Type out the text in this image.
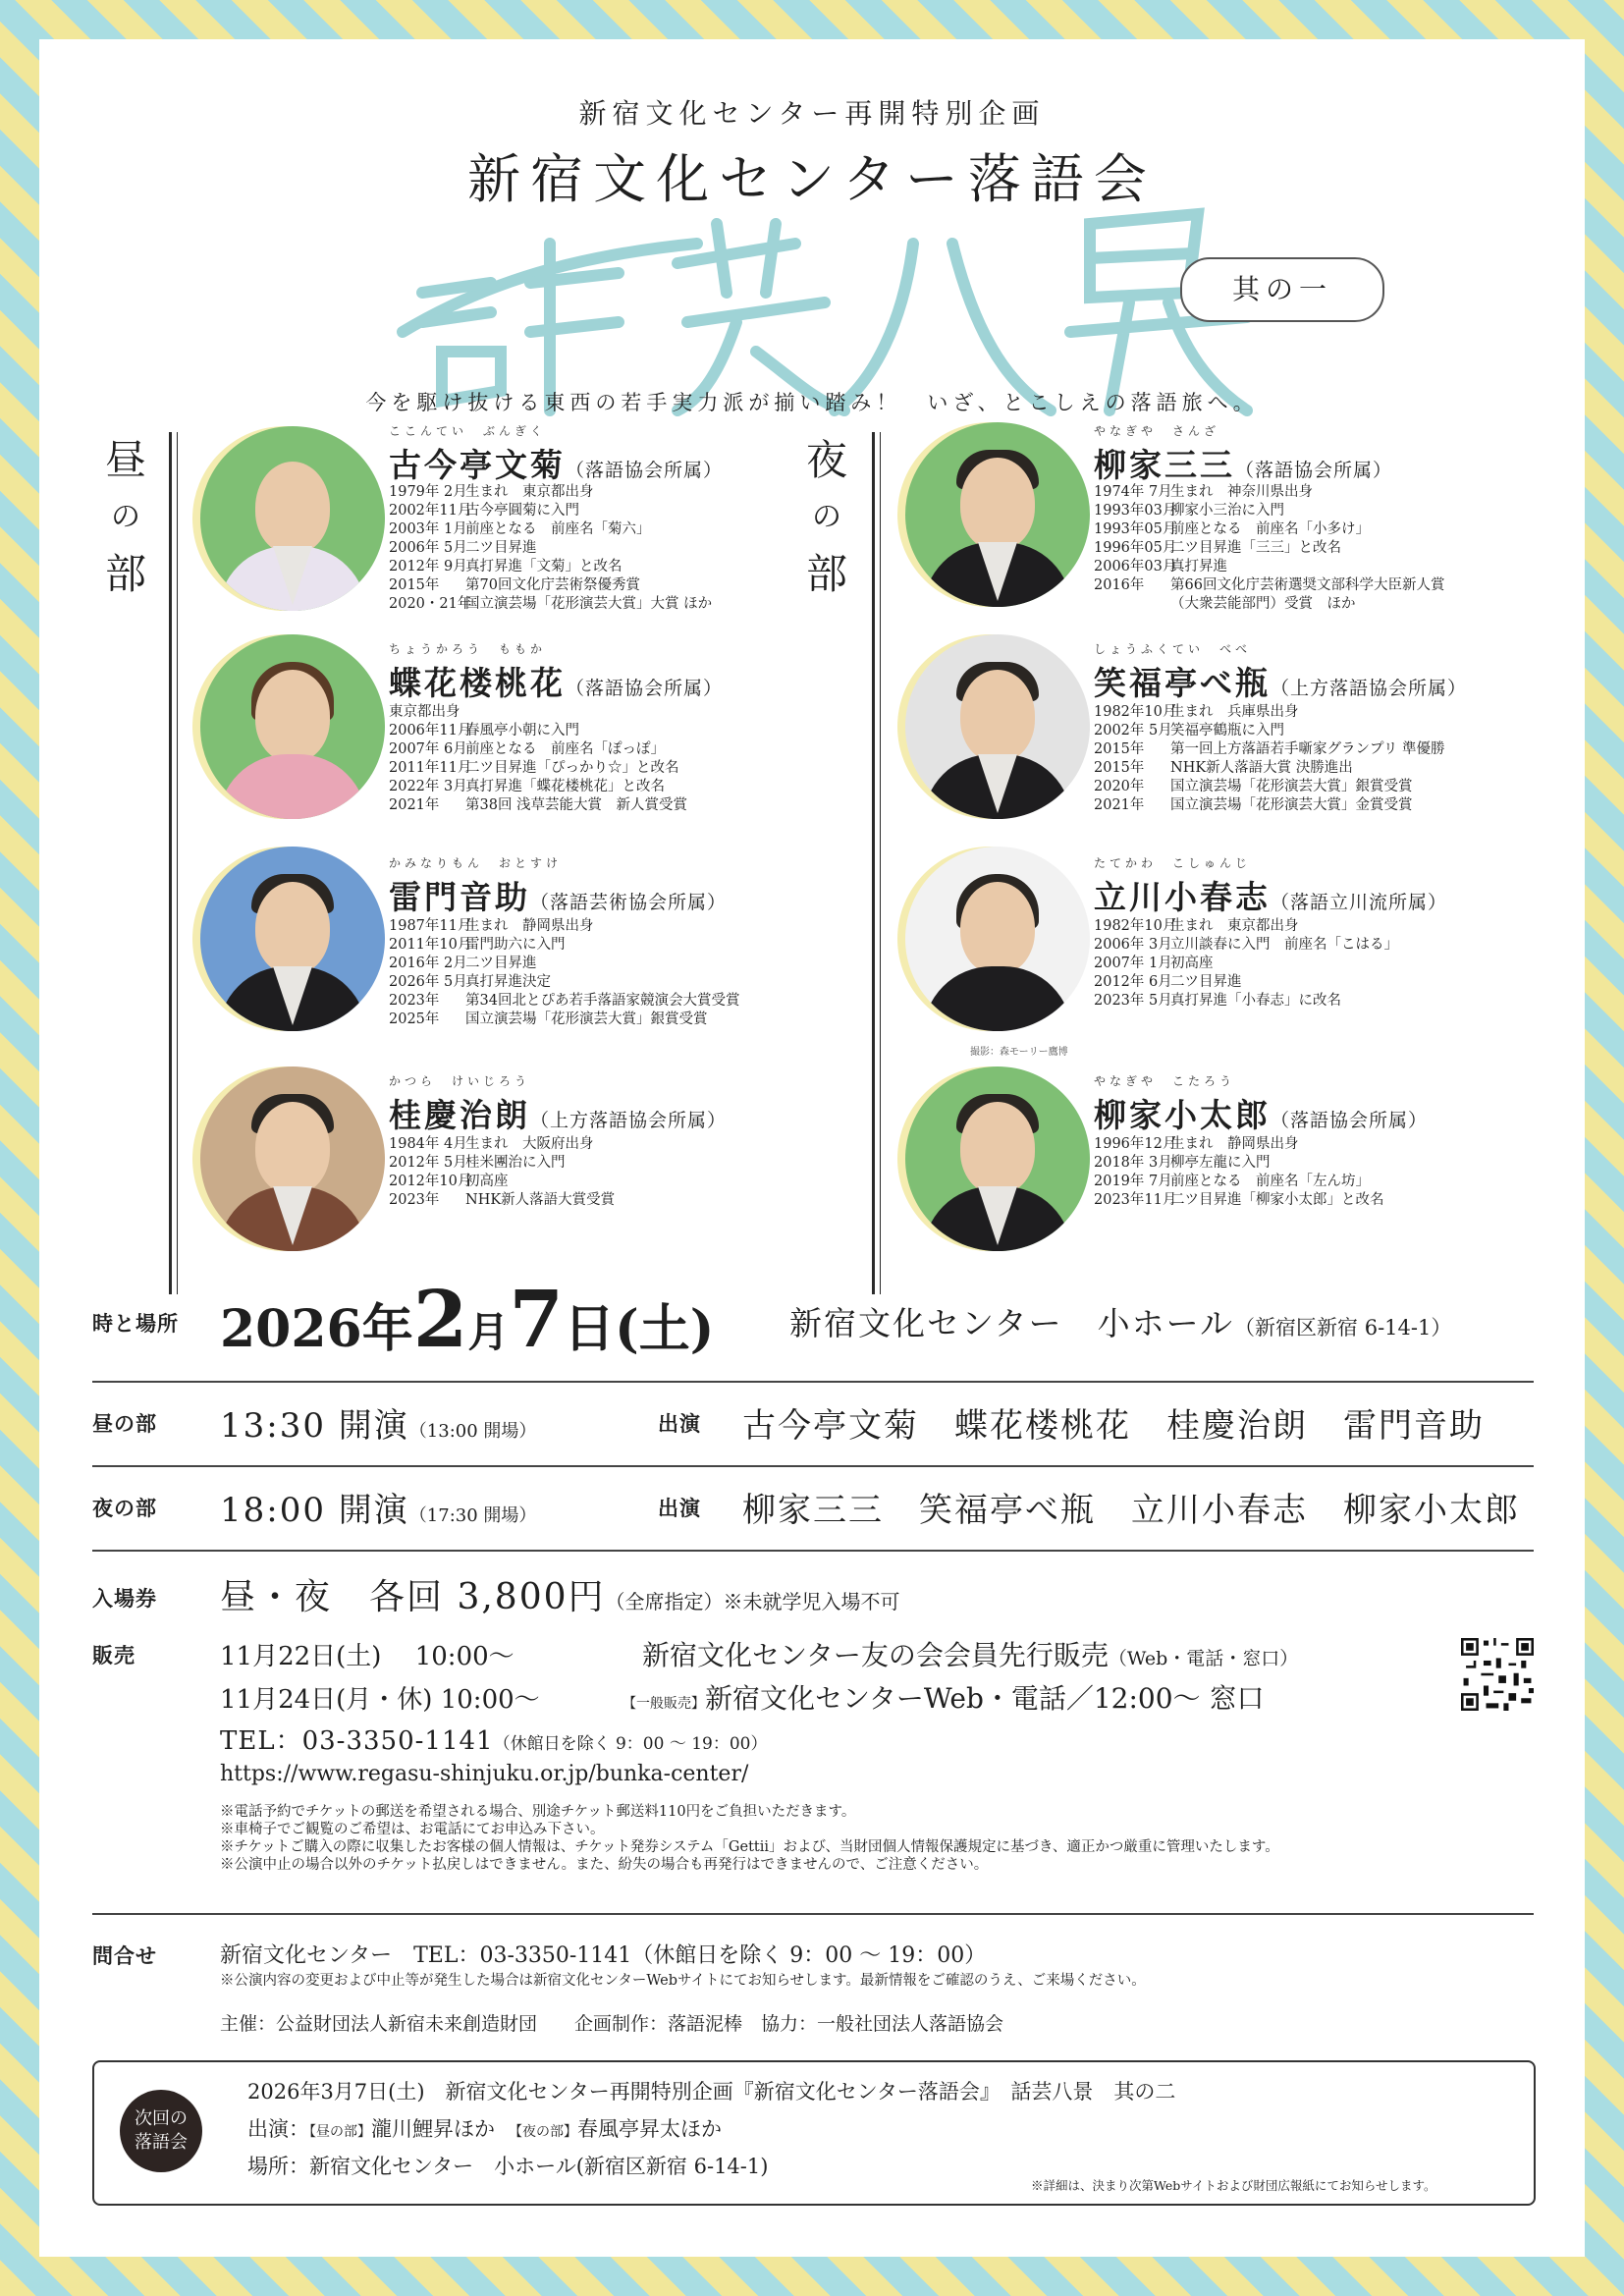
新宿文化センター再開特別企画
新宿文化センター落語会
其の一
今を駆け抜ける東西の若手実力派が揃い踏み！　いざ、とこしえの落語旅へ。
昼
の
部
夜
の
部
ここんてい　ぶんぎく
古今亭文菊（落語協会所属）
1979年 2月生まれ　東京都出身
2002年11月古今亭圓菊に入門
2003年 1月前座となる　前座名「菊六」
2006年 5月二ツ目昇進
2012年 9月真打昇進「文菊」と改名
2015年 第70回文化庁芸術祭優秀賞
2020・21年国立演芸場「花形演芸大賞」大賞 ほか
ちょうかろう　ももか
蝶花楼桃花（落語協会所属）
東京都出身
2006年11月春風亭小朝に入門
2007年 6月前座となる　前座名「ぽっぽ」
2011年11月二ツ目昇進「ぴっかり☆」と改名
2022年 3月真打昇進「蝶花楼桃花」と改名
2021年 第38回 浅草芸能大賞　新人賞受賞
かみなりもん　おとすけ
雷門音助（落語芸術協会所属）
1987年11月生まれ　静岡県出身
2011年10月雷門助六に入門
2016年 2月二ツ目昇進
2026年 5月真打昇進決定
2023年 第34回北とぴあ若手落語家競演会大賞受賞
2025年 国立演芸場「花形演芸大賞」銀賞受賞
かつら　けいじろう
桂慶治朗（上方落語協会所属）
1984年 4月生まれ　大阪府出身
2012年 5月桂米團治に入門
2012年10月初高座
2023年 NHK新人落語大賞受賞
やなぎや　さんざ
柳家三三（落語協会所属）
1974年 7月生まれ　神奈川県出身
1993年03月柳家小三治に入門
1993年05月前座となる　前座名「小多け」
1996年05月二ツ目昇進「三三」と改名
2006年03月真打昇進
2016年 第66回文化庁芸術選奨文部科学大臣新人賞
（大衆芸能部門）受賞　ほか
しょうふくてい　べべ
笑福亭べ瓶（上方落語協会所属）
1982年10月生まれ　兵庫県出身
2002年 5月笑福亭鶴瓶に入門
2015年 第一回上方落語若手噺家グランプリ 準優勝
2015年 NHK新人落語大賞 決勝進出
2020年 国立演芸場「花形演芸大賞」銀賞受賞
2021年 国立演芸場「花形演芸大賞」金賞受賞
撮影：森モーリー鷹博
たてかわ　こしゅんじ
立川小春志（落語立川流所属）
1982年10月生まれ　東京都出身
2006年 3月立川談春に入門　前座名「こはる」
2007年 1月初高座
2012年 6月二ツ目昇進
2023年 5月真打昇進「小春志」に改名
やなぎや　こたろう
柳家小太郎（落語協会所属）
1996年12月生まれ　静岡県出身
2018年 3月柳亭左龍に入門
2019年 7月前座となる　前座名「左ん坊」
2023年11月二ツ目昇進「柳家小太郎」と改名
時と場所 2026年2月7日(土) 新宿文化センター　小ホール（新宿区新宿 6-14-1）
昼の部 13:30 開演（13:00 開場）	出演 古今亭文菊　蝶花楼桃花　桂慶治朗　雷門音助
夜の部 18:00 開演（17:30 開場）	出演 柳家三三　笑福亭べ瓶　立川小春志　柳家小太郎
入場券 昼・夜　各回 3,800円（全席指定）※未就学児入場不可
販売	11月22日(土)　 10:00～	新宿文化センター友の会会員先行販売（Web・電話・窓口）
11月24日(月・休) 10:00～	【一般販売】新宿文化センターWeb・電話／12:00～ 窓口
TEL：03-3350-1141（休館日を除く 9：00 ～ 19：00）
https://www.regasu-shinjuku.or.jp/bunka-center/
※電話予約でチケットの郵送を希望される場合、別途チケット郵送料110円をご負担いただきます。
※車椅子でご観覧のご希望は、お電話にてお申込み下さい。
※チケットご購入の際に収集したお客様の個人情報は、チケット発券システム「Gettii」および、当財団個人情報保護規定に基づき、適正かつ厳重に管理いたします。
※公演中止の場合以外のチケット払戻しはできません。また、紛失の場合も再発行はできませんので、ご注意ください。
問合せ	新宿文化センター　TEL：03-3350-1141（休館日を除く 9：00 ～ 19：00）
※公演内容の変更および中止等が発生した場合は新宿文化センターWebサイトにてお知らせします。最新情報をご確認のうえ、ご来場ください。
主催：公益財団法人新宿未来創造財団　　企画制作：落語泥棒　協力：一般社団法人落語協会
次回の
落語会
2026年3月7日(土)　新宿文化センター再開特別企画『新宿文化センター落語会』　話芸八景　其の二
出演：【昼の部】瀧川鯉昇ほか　 【夜の部】春風亭昇太ほか
場所：新宿文化センター　小ホール(新宿区新宿 6-14-1)
※詳細は、決まり次第Webサイトおよび財団広報紙にてお知らせします。
